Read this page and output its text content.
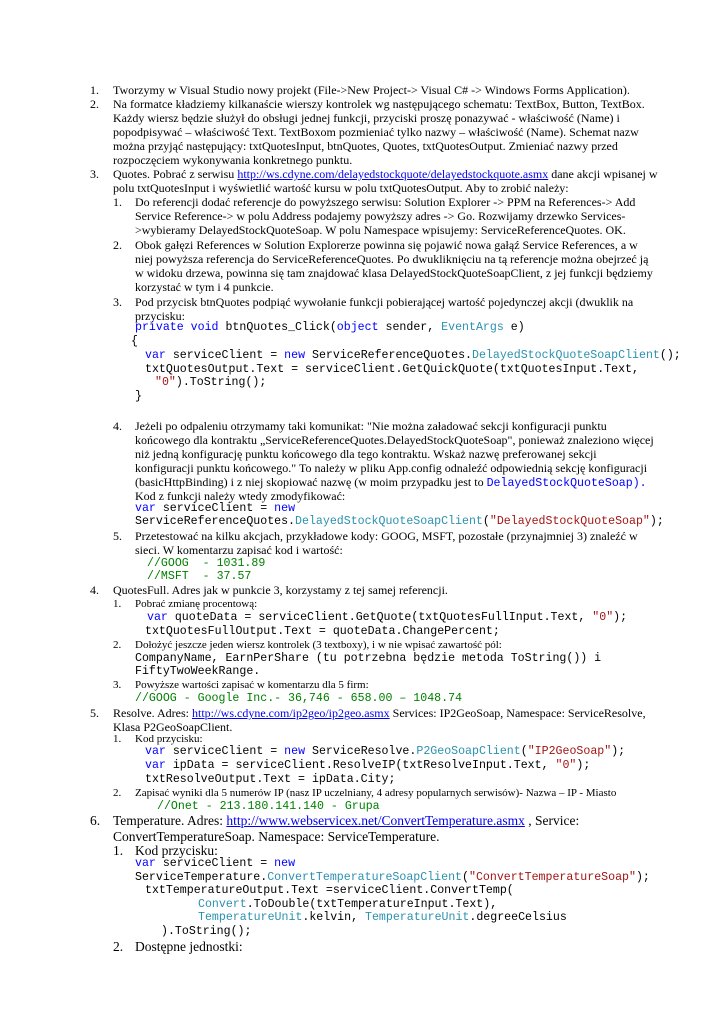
1. Tworzymy w Visual Studio nowy projekt (File->New Project-> Visual C# -> Windows Forms Application).
2. Na formatce kładziemy kilkanaście wierszy kontrolek wg następującego schematu: TextBox, Button, TextBox. Każdy wiersz będzie służył do obsługi jednej funkcji, przyciski proszę ponazywać - właściwość (Name) i popodpisywać – właściwość Text. TextBoxom pozmieniać tylko nazwy – właściwość (Name). Schemat nazw można przyjąć następujący: txtQuotesInput, btnQuotes, Quotes, txtQuotesOutput. Zmieniać nazwy przed rozpoczęciem wykonywania konkretnego punktu.
3. Quotes. Pobrać z serwisu http://ws.cdyne.com/delayedstockquote/delayedstockquote.asmx dane akcji wpisanej w polu txtQuotesInput i wyświetlić wartość kursu w polu txtQuotesOutput. Aby to zrobić należy:
1. Do referencji dodać referencje do powyższego serwisu: Solution Explorer -> PPM na References-> Add Service Reference-> w polu Address podajemy powyższy adres -> Go. Rozwijamy drzewko Services- >wybieramy DelayedStockQuoteSoap. W polu Namespace wpisujemy: ServiceReferenceQuotes. OK.
2. Obok gałęzi References w Solution Explorerze powinna się pojawić nowa gałąź Service References, a w niej powyższa referencja do ServiceReferenceQuotes. Po dwukliknięciu na tą referencje można obejrzeć ją w widoku drzewa, powinna się tam znajdować klasa DelayedStockQuoteSoapClient, z jej funkcji będziemy korzystać w tym i 4 punkcie.
3. Pod przycisk btnQuotes podpiąć wywołanie funkcji pobierającej wartość pojedynczej akcji (dwuklik na przycisku:
private void btnQuotes_Click(object sender, EventArgs e)
{
var serviceClient = new ServiceReferenceQuotes.DelayedStockQuoteSoapClient();
txtQuotesOutput.Text = serviceClient.GetQuickQuote(txtQuotesInput.Text,
"0").ToString();
}
4. Jeżeli po odpaleniu otrzymamy taki komunikat: "Nie można załadować sekcji konfiguracji punktu końcowego dla kontraktu „ServiceReferenceQuotes.DelayedStockQuoteSoap", ponieważ znaleziono więcej niż jedną konfigurację punktu końcowego dla tego kontraktu. Wskaż nazwę preferowanej sekcji konfiguracji punktu końcowego." To należy w pliku App.config odnaleźć odpowiednią sekcję konfiguracji (basicHttpBinding) i z niej skopiować nazwę (w moim przypadku jest to DelayedStockQuoteSoap).
Kod z funkcji należy wtedy zmodyfikować:
var serviceClient = new
ServiceReferenceQuotes.DelayedStockQuoteSoapClient("DelayedStockQuoteSoap");
5. Przetestować na kilku akcjach, przykładowe kody: GOOG, MSFT, pozostałe (przynajmniej 3) znaleźć w sieci. W komentarzu zapisać kod i wartość:
//GOOG  - 1031.89
//MSFT  - 37.57
4. QuotesFull. Adres jak w punkcie 3, korzystamy z tej samej referencji.
1. Pobrać zmianę procentową:
var quoteData = serviceClient.GetQuote(txtQuotesFullInput.Text, "0");
txtQuotesFullOutput.Text = quoteData.ChangePercent;
2. Dołożyć jeszcze jeden wiersz kontrolek (3 textboxy), i w nie wpisać zawartość pól:
CompanyName, EarnPerShare (tu potrzebna będzie metoda ToString()) i
FiftyTwoWeekRange.
3. Powyższe wartości zapisać w komentarzu dla 5 firm:
//GOOG - Google Inc.- 36,746 - 658.00 – 1048.74
5. Resolve. Adres: http://ws.cdyne.com/ip2geo/ip2geo.asmx Services: IP2GeoSoap, Namespace: ServiceResolve, Klasa P2GeoSoapClient.
1. Kod przycisku:
var serviceClient = new ServiceResolve.P2GeoSoapClient("IP2GeoSoap");
var ipData = serviceClient.ResolveIP(txtResolveInput.Text, "0");
txtResolveOutput.Text = ipData.City;
2. Zapisać wyniki dla 5 numerów IP (nasz IP uczelniany, 4 adresy popularnych serwisów)- Nazwa – IP - Miasto
//Onet - 213.180.141.140 - Grupa
6. Temperature. Adres: http://www.webservicex.net/ConvertTemperature.asmx , Service: ConvertTemperatureSoap. Namespace: ServiceTemperature.
1. Kod przycisku:
var serviceClient = new
ServiceTemperature.ConvertTemperatureSoapClient("ConvertTemperatureSoap");
txtTemperatureOutput.Text =serviceClient.ConvertTemp(
Convert.ToDouble(txtTemperatureInput.Text),
TemperatureUnit.kelvin, TemperatureUnit.degreeCelsius
).ToString();
2. Dostępne jednostki:
